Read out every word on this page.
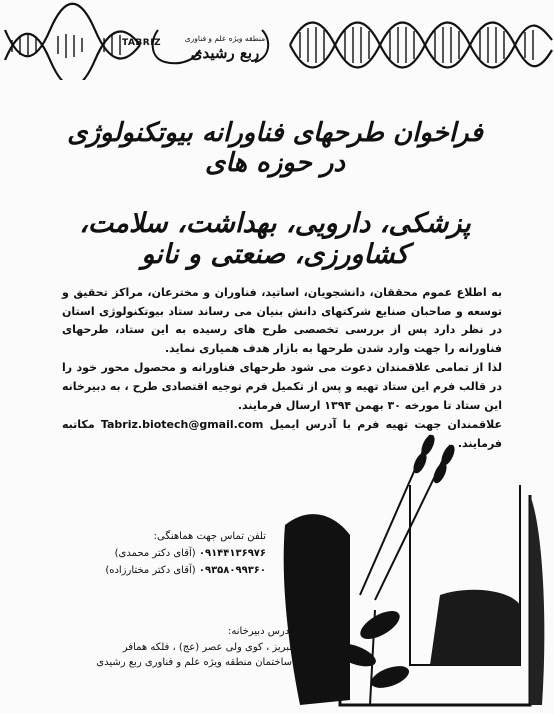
TABRIZ	منطقه ویژه علم و فناوری
ربع رشیدی
فراخوان طرحهای فناورانه بیوتکنولوژی در حوزه های
پزشکی، دارویی، بهداشت، سلامت، کشاورزی، صنعتی و نانو

به اطلاع عموم محققان، دانشجویان، اساتید، فناوران و مخترعان، مراکز تحقیق و توسعه و صاحبان صنایع شرکتهای دانش بنیان می رساند ستاد بیوتکنولوژی استان در نظر دارد پس از بررسی تخصصی طرح های رسیده به این ستاد، طرحهای فناورانه را جهت وارد شدن طرحها به بازار هدف همیاری نماید.

لذا از تمامی علاقمندان دعوت می شود طرحهای فناورانه و محصول محور خود را در قالب فرم این ستاد تهیه و پس از تکمیل فرم توجیه اقتصادی طرح ، به دبیرخانه این ستاد تا مورخه ۳۰ بهمن ۱۳۹۴ ارسال فرمایند.

علاقمندان جهت تهیه فرم با آدرس ایمیل Tabriz.biotech@gmail.com مکاتبه فرمایند.

تلفن تماس جهت هماهنگی:
۰۹۱۴۴۱۳۶۹۷۶ (آقای دکتر محمدی)
۰۹۳۵۸۰۹۹۳۶۰ (آقای دکتر مختارزاده)
آدرس دبیرخانه:
تبریز ، کوی ولی عصر (عج) ، فلکه همافر
ساختمان منطقه ویژه علم و فناوری ربع رشیدی
